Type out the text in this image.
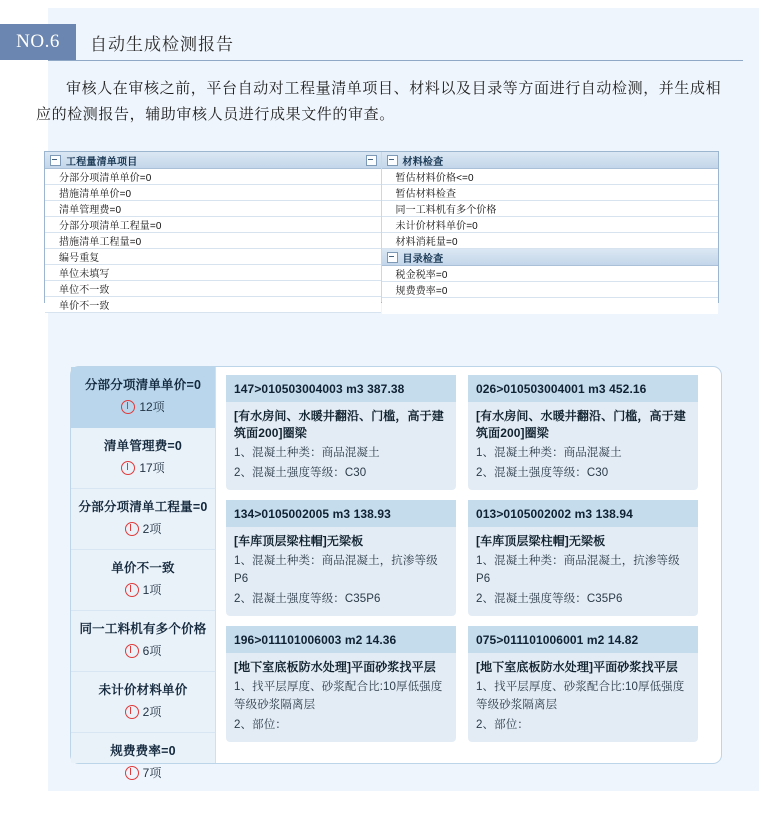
NO.6	自动生成检测报告
审核人在审核之前，平台自动对工程量清单项目、材料以及目录等方面进行自动检测，并生成相应的检测报告，辅助审核人员进行成果文件的审查。
工程量清单项目
分部分项清单单价=0
措施清单单价=0
清单管理费=0
分部分项清单工程量=0
措施清单工程量=0
编号重复
单位未填写
单位不一致
单价不一致
材料检查
暂估材料价格<=0
暂估材料检查
同一工料机有多个价格
未计价材料单价=0
材料消耗量=0
目录检查
税金税率=0
规费费率=0
分部分项清单单价=0
12项
清单管理费=0
17项
分部分项清单工程量=0
2项
单价不一致
1项
同一工料机有多个价格
6项
未计价材料单价
2项
规费费率=0
7项
147>010503004003 m3 387.38
[有水房间、水暖井翻沿、门槛，高于建筑面200]圈梁
1、混凝土种类：商品混凝土
2、混凝土强度等级：C30
026>010503004001 m3 452.16
[有水房间、水暖井翻沿、门槛，高于建筑面200]圈梁
1、混凝土种类：商品混凝土
2、混凝土强度等级：C30
134>0105002005 m3 138.93
[车库顶层梁柱帽]无梁板
1、混凝土种类：商品混凝土，抗渗等级P6
2、混凝土强度等级：C35P6
013>0105002002 m3 138.94
[车库顶层梁柱帽]无梁板
1、混凝土种类：商品混凝土，抗渗等级P6
2、混凝土强度等级：C35P6
196>011101006003 m2 14.36
[地下室底板防水处理]平面砂浆找平层
1、找平层厚度、砂浆配合比:10厚低强度等级砂浆隔离层
2、部位：
075>011101006001 m2 14.82
[地下室底板防水处理]平面砂浆找平层
1、找平层厚度、砂浆配合比:10厚低强度等级砂浆隔离层
2、部位：
